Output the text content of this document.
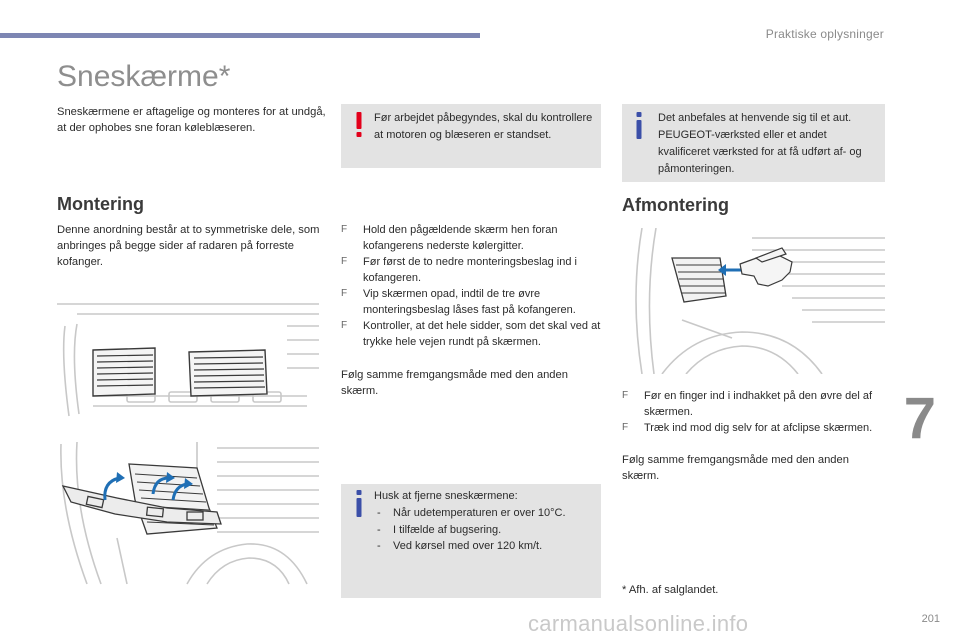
Praktiske oplysninger
Sneskærme*
Sneskærmene er aftagelige og monteres for at undgå, at der ophobes sne foran køleblæseren.

Før arbejdet påbegyndes, skal du kontrollere at motoren og blæseren er standset.

Det anbefales at henvende sig til et aut. PEUGEOT-værksted eller et andet kvalificeret værksted for at få udført af- og påmonteringen.

Montering
Denne anordning består at to symmetriske dele, som anbringes på begge sider af radaren på forreste kofanger.
F Hold den pågældende skærm hen foran kofangerens nederste kølergitter.
F Før først de to nedre monteringsbeslag ind i kofangeren.
F Vip skærmen opad, indtil de tre øvre monteringsbeslag låses fast på kofangeren.
F Kontroller, at det hele sidder, som det skal ved at trykke hele vejen rundt på skærmen.
Følg samme fremgangsmåde med den anden skærm.
Husk at fjerne sneskærmene:
- Når udetemperaturen er over 10°C.
- I tilfælde af bugsering.
- Ved kørsel med over 120 km/t.
Afmontering
F Før en finger ind i indhakket på den øvre del af skærmen.
F Træk ind mod dig selv for at afclipse skærmen.
Følg samme fremgangsmåde med den anden skærm.
* Afh. af salglandet.
7
carmanualsonline.info	201
